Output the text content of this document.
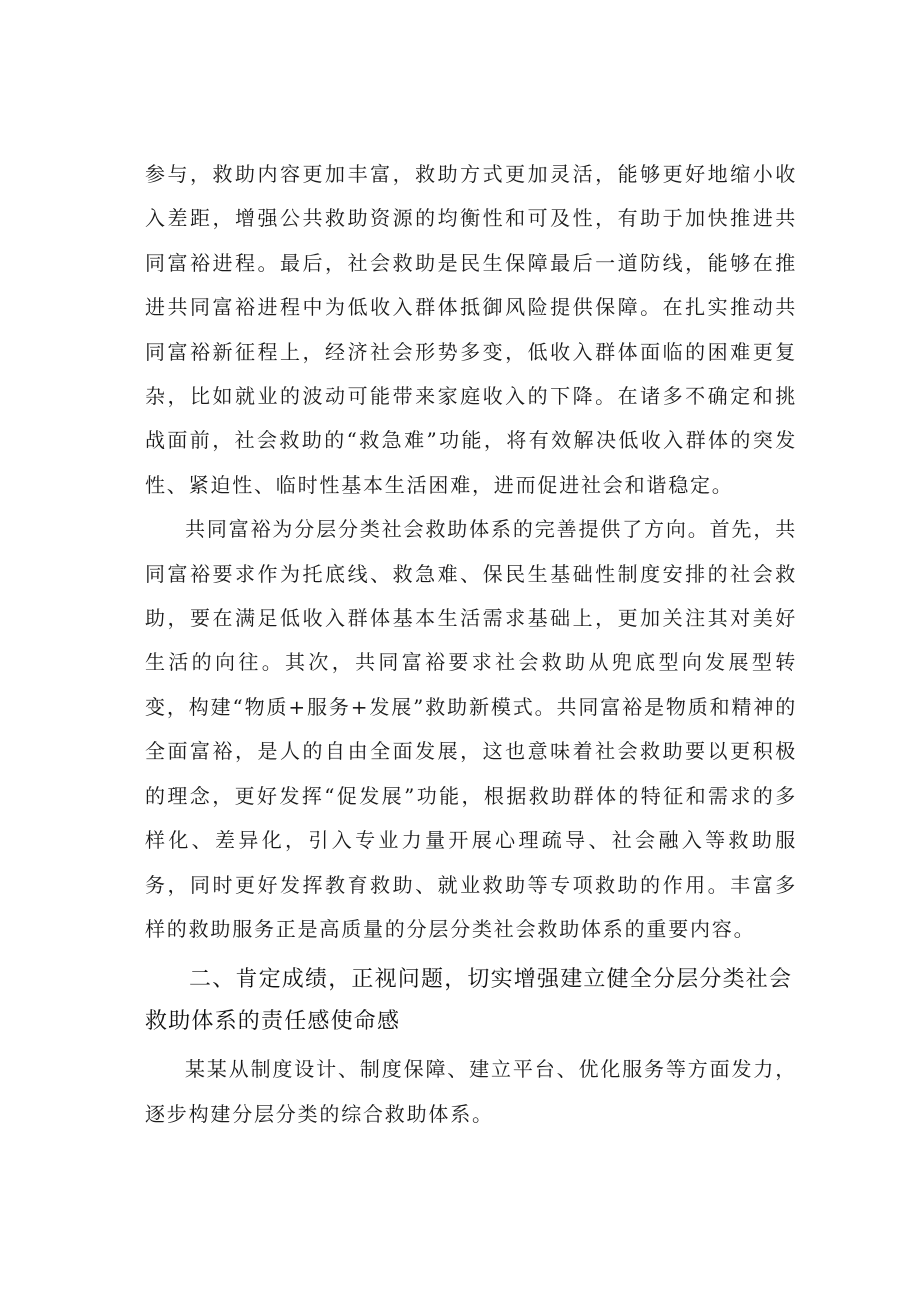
参与，救助内容更加丰富，救助方式更加灵活，能够更好地缩小收入差距，增强公共救助资源的均衡性和可及性，有助于加快推进共同富裕进程。最后，社会救助是民生保障最后一道防线，能够在推进共同富裕进程中为低收入群体抵御风险提供保障。在扎实推动共同富裕新征程上，经济社会形势多变，低收入群体面临的困难更复杂，比如就业的波动可能带来家庭收入的下降。在诸多不确定和挑战面前，社会救助的“救急难”功能，将有效解决低收入群体的突发性、紧迫性、临时性基本生活困难，进而促进社会和谐稳定。

共同富裕为分层分类社会救助体系的完善提供了方向。首先，共同富裕要求作为托底线、救急难、保民生基础性制度安排的社会救助，要在满足低收入群体基本生活需求基础上，更加关注其对美好生活的向往。其次，共同富裕要求社会救助从兜底型向发展型转变，构建“物质+服务+发展”救助新模式。共同富裕是物质和精神的全面富裕，是人的自由全面发展，这也意味着社会救助要以更积极的理念，更好发挥“促发展”功能，根据救助群体的特征和需求的多样化、差异化，引入专业力量开展心理疏导、社会融入等救助服务，同时更好发挥教育救助、就业救助等专项救助的作用。丰富多样的救助服务正是高质量的分层分类社会救助体系的重要内容。

二、肯定成绩，正视问题，切实增强建立健全分层分类社会救助体系的责任感使命感

某某从制度设计、制度保障、建立平台、优化服务等方面发力，逐步构建分层分类的综合救助体系。
